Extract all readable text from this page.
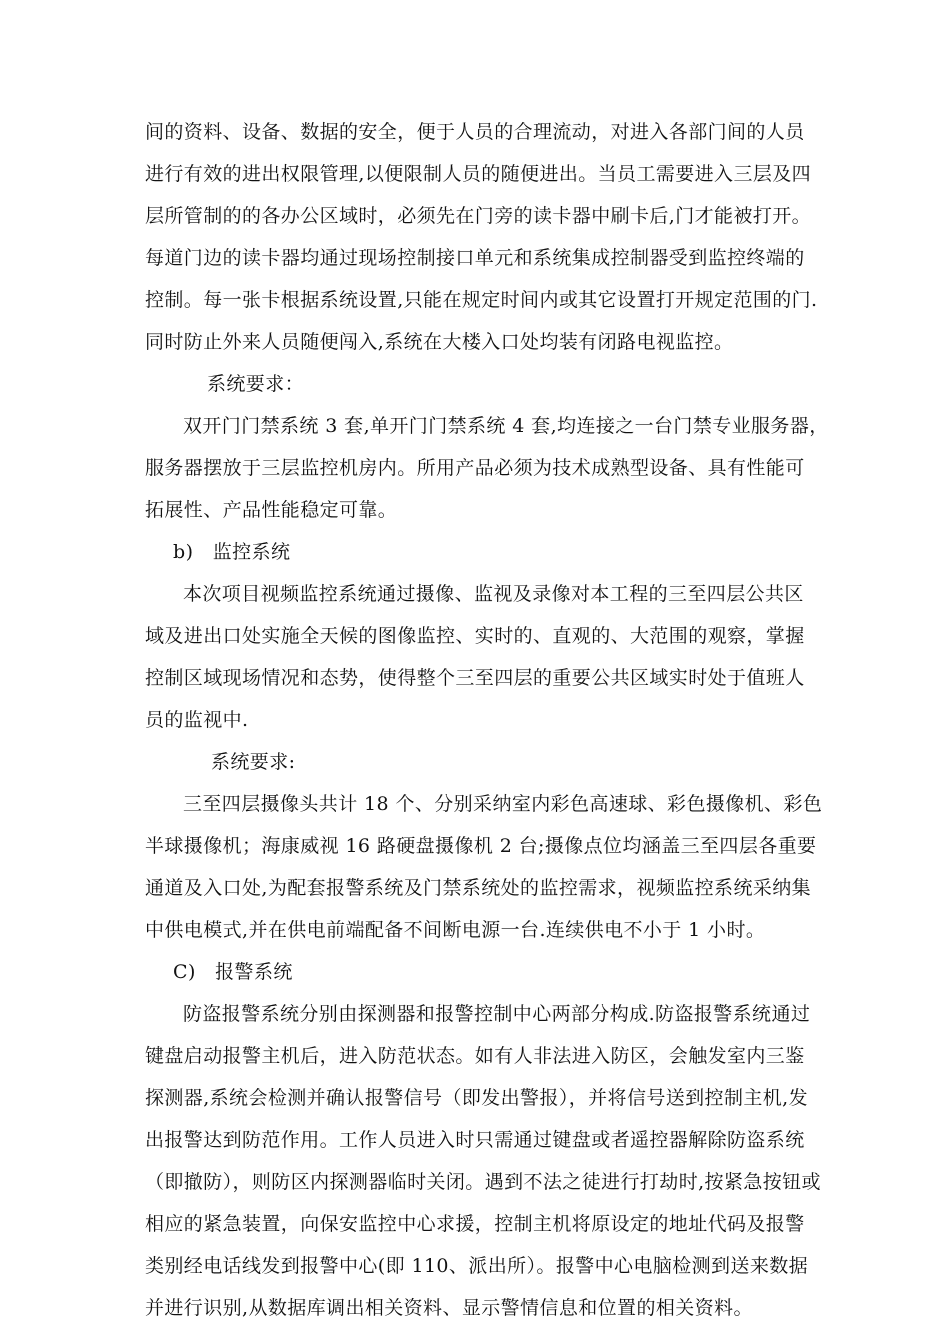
间的资料、设备、数据的安全，便于人员的合理流动，对进入各部门间的人员
进行有效的进出权限管理,以便限制人员的随便进出。当员工需要进入三层及四
层所管制的的各办公区域时，必须先在门旁的读卡器中刷卡后,门才能被打开。
每道门边的读卡器均通过现场控制接口单元和系统集成控制器受到监控终端的
控制。每一张卡根据系统设置,只能在规定时间内或其它设置打开规定范围的门.
同时防止外来人员随便闯入,系统在大楼入口处均装有闭路电视监控。
系统要求：
双开门门禁系统 3 套,单开门门禁系统 4 套,均连接之一台门禁专业服务器，
服务器摆放于三层监控机房内。所用产品必须为技术成熟型设备、具有性能可
拓展性、产品性能稳定可靠。
b)　监控系统
本次项目视频监控系统通过摄像、监视及录像对本工程的三至四层公共区
域及进出口处实施全天候的图像监控、实时的、直观的、大范围的观察，掌握
控制区域现场情况和态势，使得整个三至四层的重要公共区域实时处于值班人
员的监视中.
系统要求:
三至四层摄像头共计 18 个、分别采纳室内彩色高速球、彩色摄像机、彩色
半球摄像机；海康威视 16 路硬盘摄像机 2 台;摄像点位均涵盖三至四层各重要
通道及入口处,为配套报警系统及门禁系统处的监控需求，视频监控系统采纳集
中供电模式,并在供电前端配备不间断电源一台.连续供电不小于 1 小时。
C)　报警系统
防盗报警系统分别由探测器和报警控制中心两部分构成.防盗报警系统通过
键盘启动报警主机后，进入防范状态。如有人非法进入防区，会触发室内三鉴
探测器,系统会检测并确认报警信号（即发出警报），并将信号送到控制主机,发
出报警达到防范作用。工作人员进入时只需通过键盘或者遥控器解除防盗系统
（即撤防），则防区内探测器临时关闭。遇到不法之徒进行打劫时,按紧急按钮或
相应的紧急装置，向保安监控中心求援，控制主机将原设定的地址代码及报警
类别经电话线发到报警中心(即 110、派出所）。报警中心电脑检测到送来数据
并进行识别,从数据库调出相关资料、显示警情信息和位置的相关资料。
